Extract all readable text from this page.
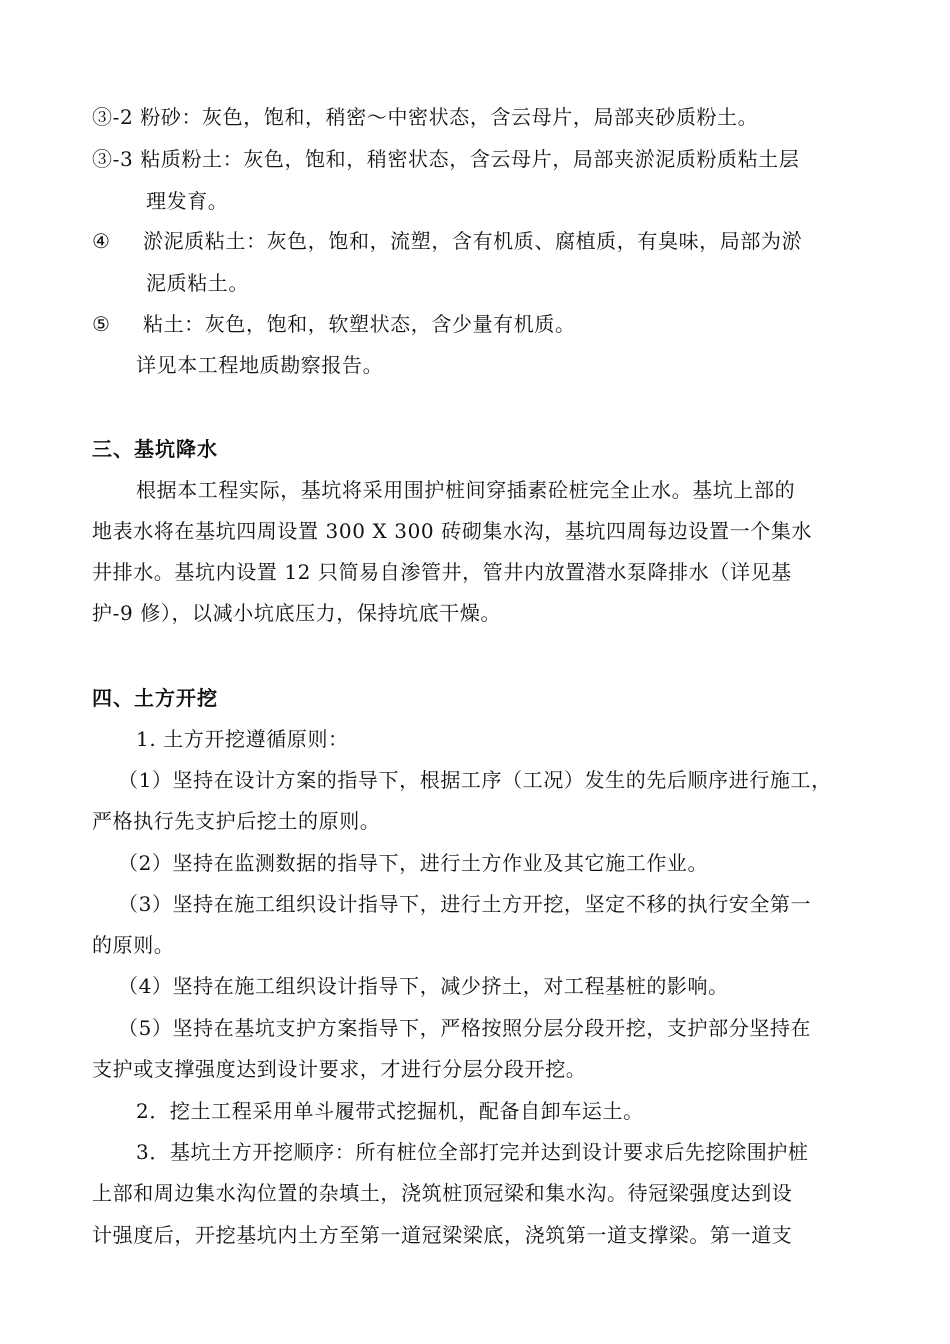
③-2 粉砂：灰色，饱和，稍密～中密状态，含云母片，局部夹砂质粉土。
③-3 粘质粉土：灰色，饱和，稍密状态，含云母片，局部夹淤泥质粉质粘土层
理发育。
④ 淤泥质粘土：灰色，饱和，流塑，含有机质、腐植质，有臭味，局部为淤
泥质粘土。
⑤ 粘土：灰色，饱和，软塑状态，含少量有机质。
详见本工程地质勘察报告。
三、基坑降水
根据本工程实际，基坑将采用围护桩间穿插素砼桩完全止水。基坑上部的
地表水将在基坑四周设置 300 X 300 砖砌集水沟，基坑四周每边设置一个集水
井排水。基坑内设置 12 只简易自渗管井，管井内放置潜水泵降排水（详见基
护-9 修），以减小坑底压力，保持坑底干燥。
四、土方开挖
1. 土方开挖遵循原则：
（1）坚持在设计方案的指导下，根据工序（工况）发生的先后顺序进行施工，
严格执行先支护后挖土的原则。
（2）坚持在监测数据的指导下，进行土方作业及其它施工作业。
（3）坚持在施工组织设计指导下，进行土方开挖，坚定不移的执行安全第一
的原则。
（4）坚持在施工组织设计指导下，减少挤土，对工程基桩的影响。
（5）坚持在基坑支护方案指导下，严格按照分层分段开挖，支护部分坚持在
支护或支撑强度达到设计要求，才进行分层分段开挖。
2．挖土工程采用单斗履带式挖掘机，配备自卸车运土。
3．基坑土方开挖顺序：所有桩位全部打完并达到设计要求后先挖除围护桩
上部和周边集水沟位置的杂填土，浇筑桩顶冠梁和集水沟。待冠梁强度达到设
计强度后，开挖基坑内土方至第一道冠梁梁底，浇筑第一道支撑梁。第一道支
